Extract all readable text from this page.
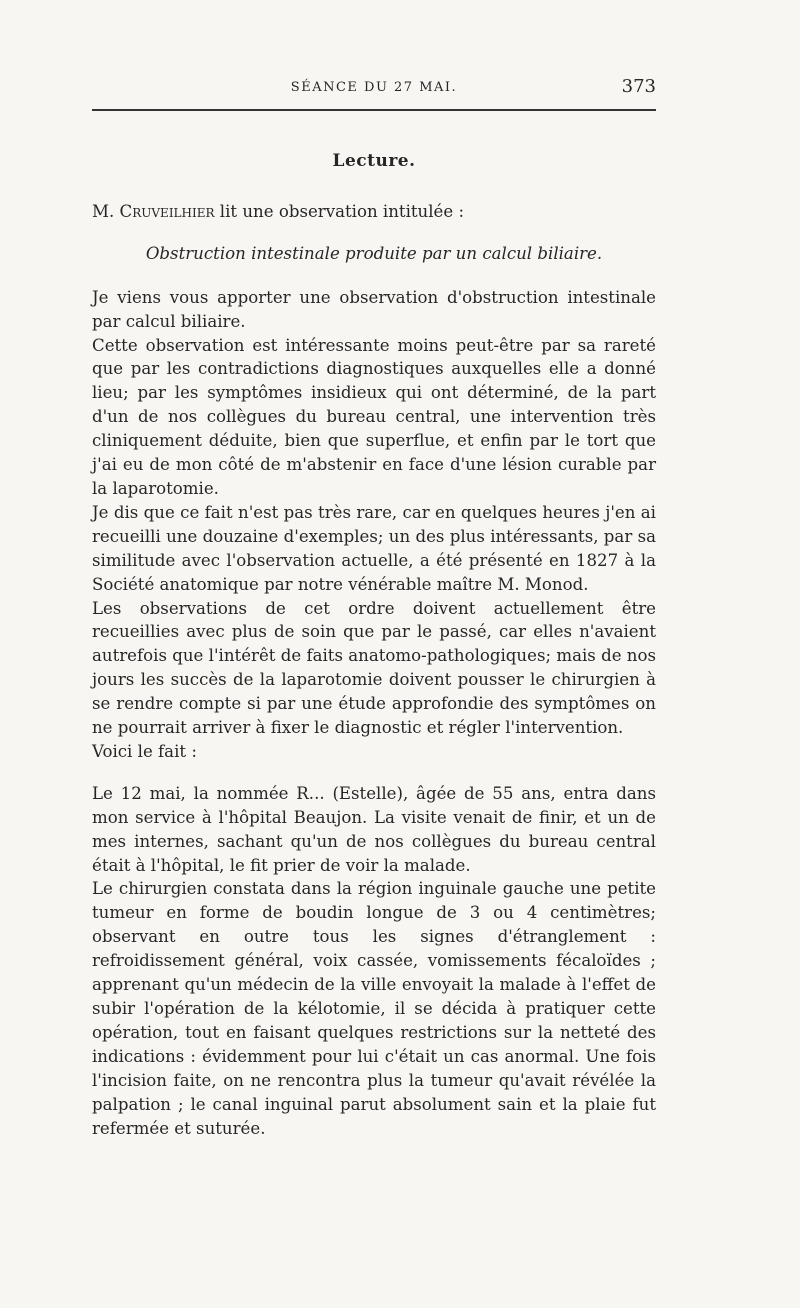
SÉANCE DU 27 MAI.	373
Lecture.

M. Cruveilhier lit une observation intitulée :

Obstruction intestinale produite par un calcul biliaire.

Je viens vous apporter une observation d'obstruction intestinale par calcul biliaire.

Cette observation est intéressante moins peut-être par sa rareté que par les contradictions diagnostiques auxquelles elle a donné lieu; par les symptômes insidieux qui ont déterminé, de la part d'un de nos collègues du bureau central, une intervention très cliniquement déduite, bien que superflue, et enfin par le tort que j'ai eu de mon côté de m'abstenir en face d'une lésion curable par la laparotomie.

Je dis que ce fait n'est pas très rare, car en quelques heures j'en ai recueilli une douzaine d'exemples; un des plus intéressants, par sa similitude avec l'observation actuelle, a été présenté en 1827 à la Société anatomique par notre vénérable maître M. Monod.

Les observations de cet ordre doivent actuellement être recueillies avec plus de soin que par le passé, car elles n'avaient autrefois que l'intérêt de faits anatomo-pathologiques; mais de nos jours les succès de la laparotomie doivent pousser le chirurgien à se rendre compte si par une étude approfondie des symptômes on ne pourrait arriver à fixer le diagnostic et régler l'intervention.

Voici le fait :

Le 12 mai, la nommée R... (Estelle), âgée de 55 ans, entra dans mon service à l'hôpital Beaujon. La visite venait de finir, et un de mes internes, sachant qu'un de nos collègues du bureau central était à l'hôpital, le fit prier de voir la malade.

Le chirurgien constata dans la région inguinale gauche une petite tumeur en forme de boudin longue de 3 ou 4 centimètres; observant en outre tous les signes d'étranglement : refroidissement général, voix cassée, vomissements fécaloïdes ; apprenant qu'un médecin de la ville envoyait la malade à l'effet de subir l'opération de la kélotomie, il se décida à pratiquer cette opération, tout en faisant quelques restrictions sur la netteté des indications : évidemment pour lui c'était un cas anormal. Une fois l'incision faite, on ne rencontra plus la tumeur qu'avait révélée la palpation ; le canal inguinal parut absolument sain et la plaie fut refermée et suturée.
